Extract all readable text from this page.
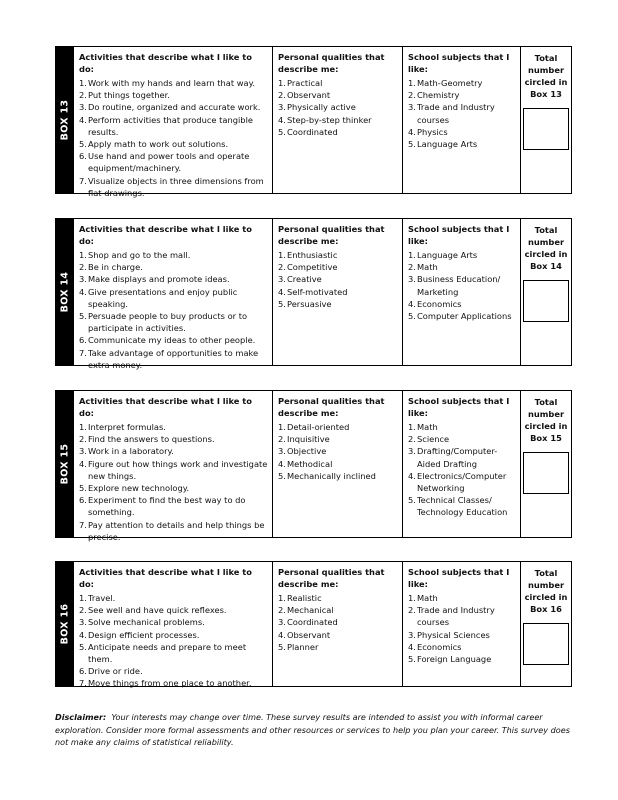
BOX 13
Activities that describe what I like to do:
1. Work with my hands and learn that way.
2. Put things together.
3. Do routine, organized and accurate work.
4. Perform activities that produce tangible results.
5. Apply math to work out solutions.
6. Use hand and power tools and operate equipment/machinery.
7. Visualize objects in three dimensions from flat drawings.
Personal qualities that describe me:
1. Practical
2. Observant
3. Physically active
4. Step-by-step thinker
5. Coordinated
School subjects that I like:
1. Math-Geometry
2. Chemistry
3. Trade and Industry courses
4. Physics
5. Language Arts
Total number circled in Box 13
BOX 14
Activities that describe what I like to do:
1. Shop and go to the mall.
2. Be in charge.
3. Make displays and promote ideas.
4. Give presentations and enjoy public speaking.
5. Persuade people to buy products or to participate in activities.
6. Communicate my ideas to other people.
7. Take advantage of opportunities to make extra money.
Personal qualities that describe me:
1. Enthusiastic
2. Competitive
3. Creative
4. Self-motivated
5. Persuasive
School subjects that I like:
1. Language Arts
2. Math
3. Business Education/ Marketing
4. Economics
5. Computer Applications
Total number circled in Box 14
BOX 15
Activities that describe what I like to do:
1. Interpret formulas.
2. Find the answers to questions.
3. Work in a laboratory.
4. Figure out how things work and investigate new things.
5. Explore new technology.
6. Experiment to find the best way to do something.
7. Pay attention to details and help things be precise.
Personal qualities that describe me:
1. Detail-oriented
2. Inquisitive
3. Objective
4. Methodical
5. Mechanically inclined
School subjects that I like:
1. Math
2. Science
3. Drafting/Computer-Aided Drafting
4. Electronics/Computer Networking
5. Technical Classes/ Technology Education
Total number circled in Box 15
BOX 16
Activities that describe what I like to do:
1. Travel.
2. See well and have quick reflexes.
3. Solve mechanical problems.
4. Design efficient processes.
5. Anticipate needs and prepare to meet them.
6. Drive or ride.
7. Move things from one place to another.
Personal qualities that describe me:
1. Realistic
2. Mechanical
3. Coordinated
4. Observant
5. Planner
School subjects that I like:
1. Math
2. Trade and Industry courses
3. Physical Sciences
4. Economics
5. Foreign Language
Total number circled in Box 16
Disclaimer: Your interests may change over time. These survey results are intended to assist you with informal career exploration. Consider more formal assessments and other resources or services to help you plan your career. This survey does not make any claims of statistical reliability.
